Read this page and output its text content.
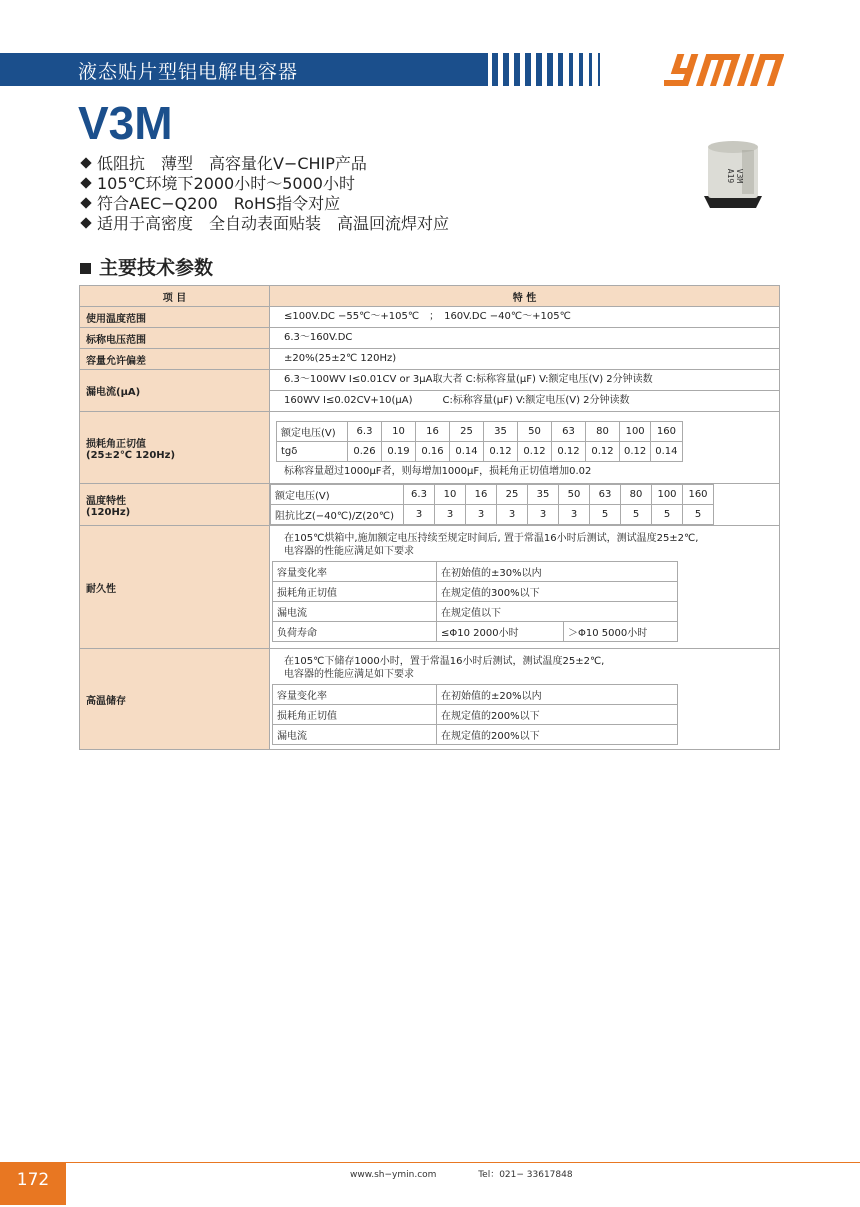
液态贴片型铝电解电容器
V3M
低阻抗　薄型　高容量化V−CHIP产品
105℃环境下2000小时～5000小时
符合AEC−Q200　RoHS指令对应
适用于高密度　全自动表面贴装　高温回流焊对应
V3MA19
主要技术参数
项 目	特 性
使用温度范围	≤100V.DC −55℃～+105℃　；　160V.DC −40℃～+105℃

标称电压范围	6.3～160V.DC

容量允许偏差	±20%(25±2℃ 120Hz)

漏电流(μA)	
6.3～100WV I≤0.01CV or 3μA取大者 C:标称容量(μF) V:额定电压(V) 2分钟读数
160WV I≤0.02CV+10(μA)　　　C:标称容量(μF) V:额定电压(V) 2分钟读数

损耗角正切值
(25±2℃ 120Hz)

额定电压(V)	6.3	10	16	25	35	50	63	80	100	160
tgδ	0.26	0.19	0.16	0.14	0.12	0.12	0.12	0.12	0.12	0.14
标称容量超过1000μF者，则每增加1000μF，损耗角正切值增加0.02

温度特性
(120Hz)

额定电压(V)	6.3	10	16	25	35	50	63	80	100	160
阻抗比Z(−40℃)/Z(20℃)	3	3	3	3	3	3	5	5	5	5

耐久性	
在105℃烘箱中,施加额定电压持续至规定时间后, 置于常温16小时后测试，测试温度25±2℃,
电容器的性能应满足如下要求
容量变化率	在初始值的±30%以内
损耗角正切值	在规定值的300%以下
漏电流	在规定值以下
负荷寿命	≤Φ10 2000小时	＞Φ10 5000小时

高温储存	
在105℃下储存1000小时，置于常温16小时后测试，测试温度25±2℃,
电容器的性能应满足如下要求
容量变化率	在初始值的±20%以内
损耗角正切值	在规定值的200%以下
漏电流	在规定值的200%以下
172	www.sh−ymin.com	Tel：021− 33617848
